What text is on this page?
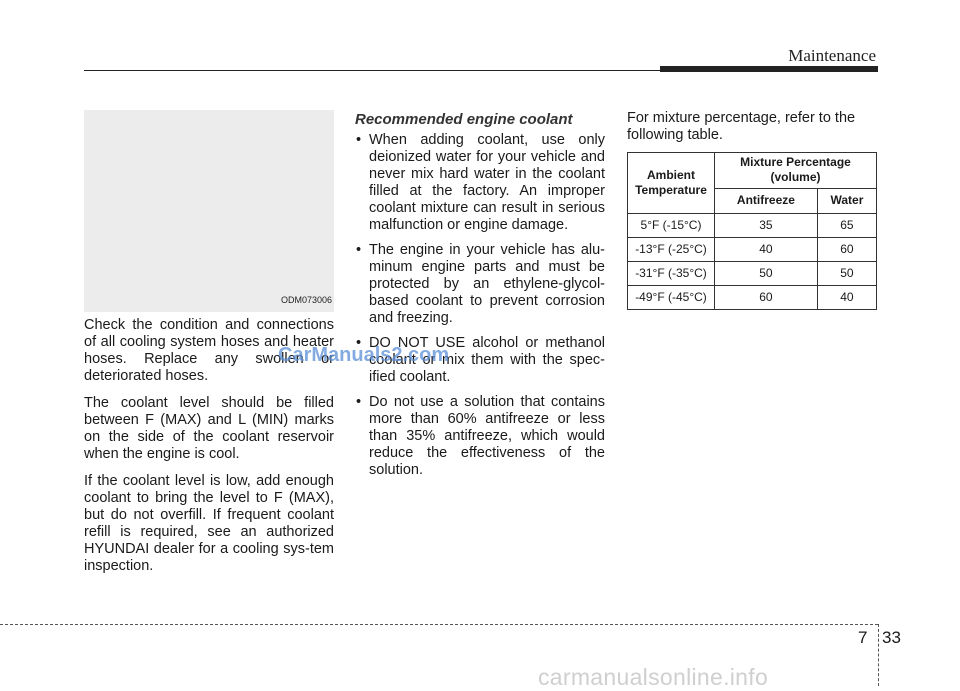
Maintenance
ODM073006

Check the condition and connections of all cooling system hoses and heater hoses. Replace any swollen or deteriorated hoses.

The coolant level should be filled between F (MAX) and L (MIN) marks on the side of the coolant reservoir when the engine is cool.

If the coolant level is low, add enough coolant to bring the level to F (MAX), but do not overfill. If frequent coolant refill is required, see an authorized HYUNDAI dealer for a cooling sys-tem inspection.

Recommended engine coolant
• When adding coolant, use only deionized water for your vehicle and never mix hard water in the coolant filled at the factory. An improper coolant mixture can result in serious malfunction or engine damage.
• The engine in your vehicle has alu-minum engine parts and must be protected by an ethylene-glycol-based coolant to prevent corrosion and freezing.
• DO NOT USE alcohol or methanol coolant or mix them with the spec-ified coolant.
• Do not use a solution that contains more than 60% antifreeze or less than 35% antifreeze, which would reduce the effectiveness of the solution.

For mixture percentage, refer to the following table.

Ambient Temperature	Mixture Percentage (volume)	
	Antifreeze	Water
5°F (-15°C)	35	65
-13°F (-25°C)	40	60
-31°F (-35°C)	50	50
-49°F (-45°C)	60	40
CarManuals2.com
7 33
carmanualsonline.info
